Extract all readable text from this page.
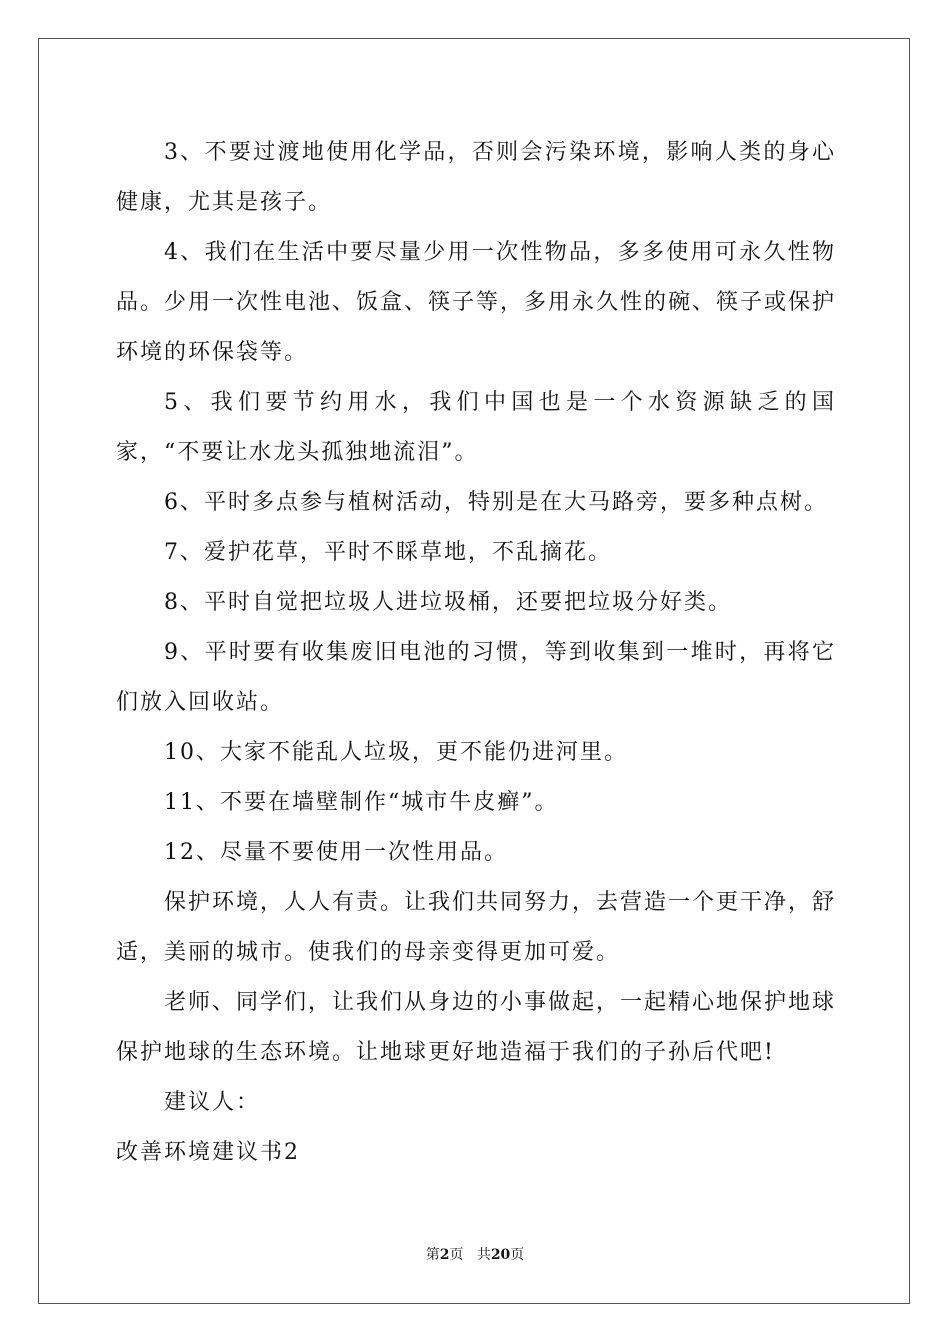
3、不要过渡地使用化学品，否则会污染环境，影响人类的身心健康，尤其是孩子。

4、我们在生活中要尽量少用一次性物品，多多使用可永久性物品。少用一次性电池、饭盒、筷子等，多用永久性的碗、筷子或保护环境的环保袋等。

5、我们要节约用水，我们中国也是一个水资源缺乏的国家，“不要让水龙头孤独地流泪”。

6、平时多点参与植树活动，特别是在大马路旁，要多种点树。

7、爱护花草，平时不睬草地，不乱摘花。

8、平时自觉把垃圾人进垃圾桶，还要把垃圾分好类。

9、平时要有收集废旧电池的习惯，等到收集到一堆时，再将它们放入回收站。

10、大家不能乱人垃圾，更不能仍进河里。

11、不要在墙壁制作“城市牛皮癣”。

12、尽量不要使用一次性用品。

保护环境，人人有责。让我们共同努力，去营造一个更干净，舒适，美丽的城市。使我们的母亲变得更加可爱。

老师、同学们，让我们从身边的小事做起，一起精心地保护地球保护地球的生态环境。让地球更好地造福于我们的子孙后代吧!

建议人：

改善环境建议书2

第2页 共20页
